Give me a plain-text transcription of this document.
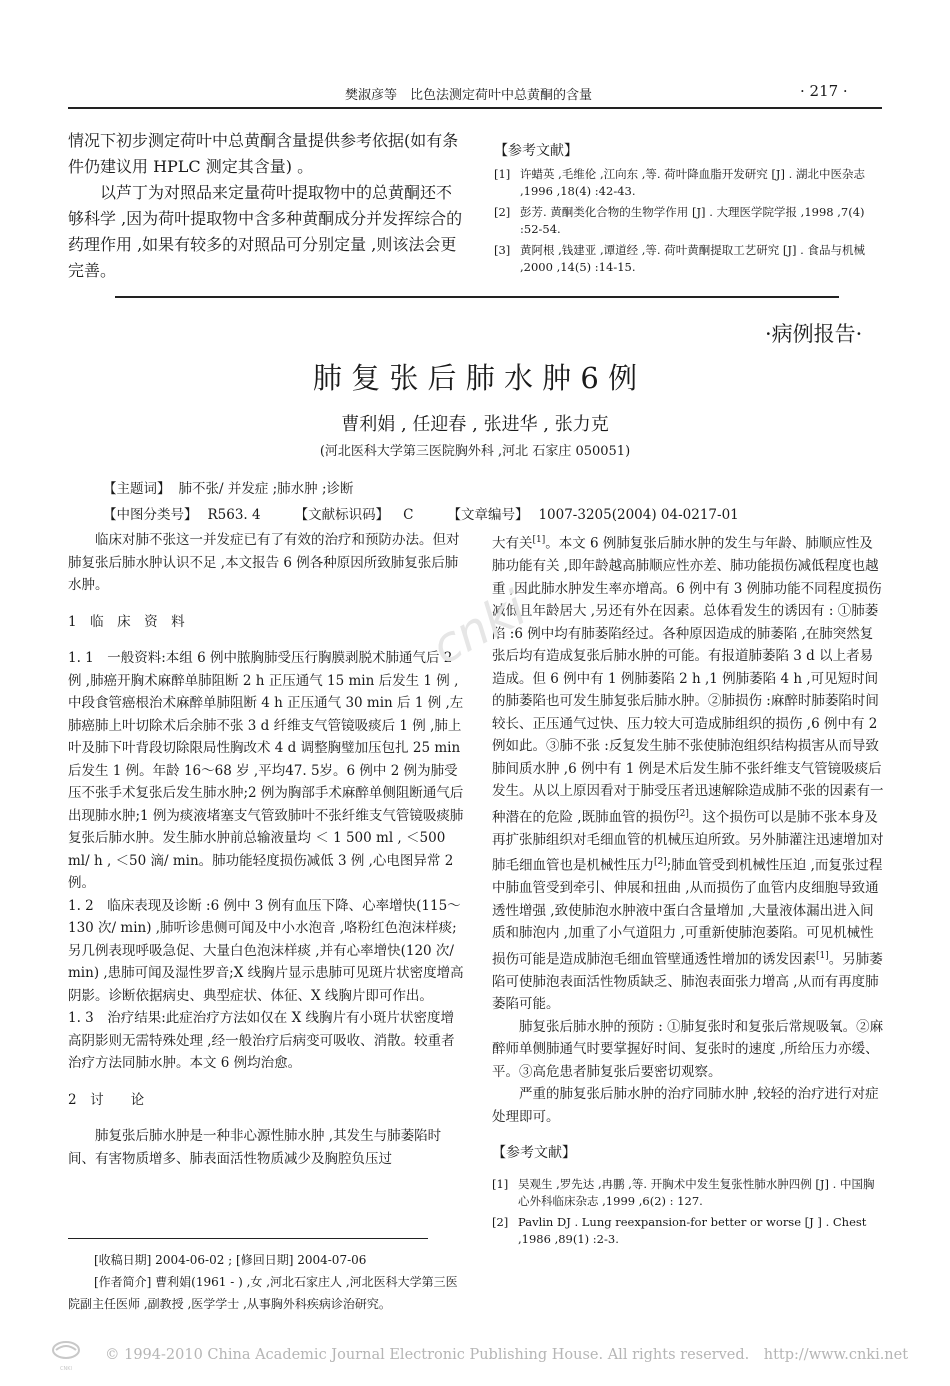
樊淑彦等　比色法测定荷叶中总黄酮的含量	· 217 ·

情况下初步测定荷叶中总黄酮含量提供参考依据(如有条件仍建议用 HPLC 测定其含量) 。

以芦丁为对照品来定量荷叶提取物中的总黄酮还不够科学 ,因为荷叶提取物中含多种黄酮成分并发挥综合的药理作用 ,如果有较多的对照品可分别定量 ,则该法会更完善。

【参考文献】

[1] 许蜡英 ,毛维伦 ,江向东 ,等. 荷叶降血脂开发研究 [J] . 湖北中医杂志 ,1996 ,18(4) :42-43.
[2] 彭芳. 黄酮类化合物的生物学作用 [J] . 大理医学院学报 ,1998 ,7(4) :52-54.
[3] 黄阿根 ,钱建亚 ,谭道经 ,等. 荷叶黄酮提取工艺研究 [J] . 食品与机械 ,2000 ,14(5) :14-15.
·病例报告·
肺 复 张 后 肺 水 肿 6 例
曹利娟 , 任迎春 , 张进华 , 张力克
(河北医科大学第三医院胸外科 ,河北 石家庄 050051)
【主题词】 肺不张/ 并发症 ;肺水肿 ;诊断
【中图分类号】 R563. 4	【文献标识码】 C	【文章编号】 1007-3205(2004) 04-0217-01

临床对肺不张这一并发症已有了有效的治疗和预防办法。但对肺复张后肺水肿认识不足 ,本文报告 6 例各种原因所致肺复张后肺水肿。

1　临　床　资　料

1. 1　一般资料:本组 6 例中脓胸肺受压行胸膜剥脱术肺通气后 2 例 ,肺癌开胸术麻醉单肺阻断 2 h 正压通气 15 min 后发生 1 例 ,中段食管癌根治术麻醉单肺阻断 4 h 正压通气 30 min 后 1 例 ,左肺癌肺上叶切除术后余肺不张 3 d 纤维支气管镜吸痰后 1 例 ,肺上叶及肺下叶背段切除限局性胸改术 4 d 调整胸璧加压包扎 25 min 后发生 1 例。年龄 16～68 岁 ,平均47. 5岁。6 例中 2 例为肺受压不张手术复张后发生肺水肿;2 例为胸部手术麻醉单侧阻断通气后出现肺水肿;1 例为痰液堵塞支气管致肺叶不张纤维支气管镜吸痰肺复张后肺水肿。发生肺水肿前总输液量均 ＜ 1 500 ml , ＜500 ml/ h , ＜50 滴/ min。肺功能轻度损伤减低 3 例 ,心电图异常 2 例。

1. 2　临床表现及诊断 :6 例中 3 例有血压下降、心率增快(115～130 次/ min) ,肺听诊患侧可闻及中小水泡音 ,咯粉红色泡沫样痰;另几例表现呼吸急促、大量白色泡沫样痰 ,并有心率增快(120 次/ min) ,患肺可闻及湿性罗音;X 线胸片显示患肺可见斑片状密度增高阴影。诊断依据病史、典型症状、体征、X 线胸片即可作出。

1. 3　治疗结果:此症治疗方法如仅在 X 线胸片有小斑片状密度增高阴影则无需特殊处理 ,经一般治疗后病变可吸收、消散。较重者治疗方法同肺水肿。本文 6 例均治愈。

2　讨　　论

肺复张后肺水肿是一种非心源性肺水肿 ,其发生与肺萎陷时间、有害物质增多、肺表面活性物质减少及胸腔负压过

[收稿日期] 2004-06-02 ; [修回日期] 2004-07-06

[作者简介] 曹利娟(1961 - ) ,女 ,河北石家庄人 ,河北医科大学第三医院副主任医师 ,副教授 ,医学学士 ,从事胸外科疾病诊治研究。

大有关[1]。本文 6 例肺复张后肺水肿的发生与年龄、肺顺应性及肺功能有关 ,即年龄越高肺顺应性亦差、肺功能损伤减低程度也越重 ,因此肺水肿发生率亦增高。6 例中有 3 例肺功能不同程度损伤减低且年龄居大 ,另还有外在因素。总体看发生的诱因有 : ①肺萎陷 :6 例中均有肺萎陷经过。各种原因造成的肺萎陷 ,在肺突然复张后均有造成复张后肺水肿的可能。有报道肺萎陷 3 d 以上者易造成。但 6 例中有 1 例肺萎陷 2 h ,1 例肺萎陷 4 h ,可见短时间的肺萎陷也可发生肺复张后肺水肿。②肺损伤 :麻醉时肺萎陷时间较长、正压通气过快、压力较大可造成肺组织的损伤 ,6 例中有 2 例如此。③肺不张 :反复发生肺不张使肺泡组织结构损害从而导致肺间质水肿 ,6 例中有 1 例是术后发生肺不张纤维支气管镜吸痰后发生。从以上原因看对于肺受压者迅速解除造成肺不张的因素有一种潜在的危险 ,既肺血管的损伤[2]。这个损伤可以是肺不张本身及再扩张肺组织对毛细血管的机械压迫所致。另外肺灌注迅速增加对肺毛细血管也是机械性压力[2];肺血管受到机械性压迫 ,而复张过程中肺血管受到牵引、伸展和扭曲 ,从而损伤了血管内皮细胞导致通透性增强 ,致使肺泡水肿液中蛋白含量增加 ,大量液体漏出进入间质和肺泡内 ,加重了小气道阻力 ,可重新使肺泡萎陷。可见机械性损伤可能是造成肺泡毛细血管壁通透性增加的诱发因素[1]。另肺萎陷可使肺泡表面活性物质缺乏、肺泡表面张力增高 ,从而有再度肺萎陷可能。

肺复张后肺水肿的预防 : ①肺复张时和复张后常规吸氧。②麻醉师单侧肺通气时要掌握好时间、复张时的速度 ,所给压力亦缓、平。③高危患者肺复张后要密切观察。

严重的肺复张后肺水肿的治疗同肺水肿 ,较轻的治疗进行对症处理即可。

【参考文献】

[1] 吴观生 ,罗先达 ,冉鹏 ,等. 开胸术中发生复张性肺水肿四例 [J] . 中国胸心外科临床杂志 ,1999 ,6(2) : 127.
[2] Pavlin DJ . Lung reexpansion-for better or worse [J ] . Chest ,1986 ,89(1) :2-3.
cnki
CNKI
© 1994-2010 China Academic Journal Electronic Publishing House. All rights reserved.　http://www.cnki.net
